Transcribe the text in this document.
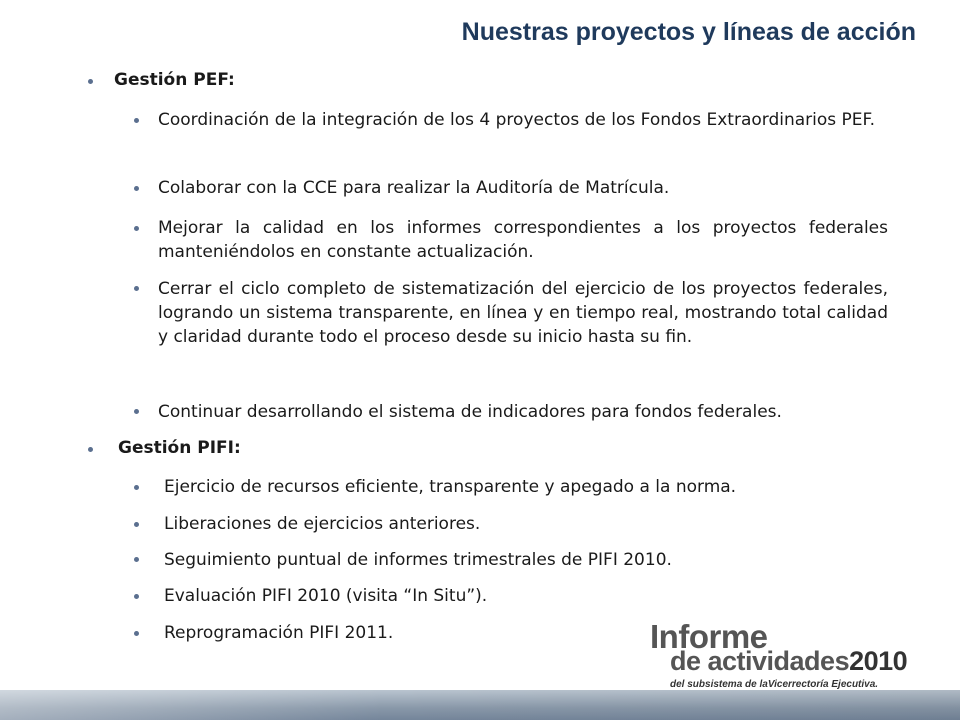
Nuestras proyectos y líneas de acción
Gestión PEF:
Coordinación de la integración de los 4 proyectos de los Fondos Extraordinarios PEF.
Colaborar con la CCE para realizar la Auditoría de Matrícula.
Mejorar la calidad en los informes correspondientes a los proyectos federales manteniéndolos en constante actualización.
Cerrar el ciclo completo de sistematización del ejercicio de los proyectos federales, logrando un sistema transparente, en línea y en tiempo real, mostrando total calidad y claridad durante todo el proceso desde su inicio hasta su fin.
Continuar desarrollando el sistema de indicadores para fondos federales.
Gestión PIFI:
Ejercicio de recursos eficiente, transparente y apegado a la norma.
Liberaciones de ejercicios anteriores.
Seguimiento puntual de informes trimestrales de PIFI 2010.
Evaluación PIFI 2010 (visita “In Situ”).
Reprogramación PIFI 2011.	Informe
de actividades2010
del subsistema de laVicerrectoría Ejecutiva.
